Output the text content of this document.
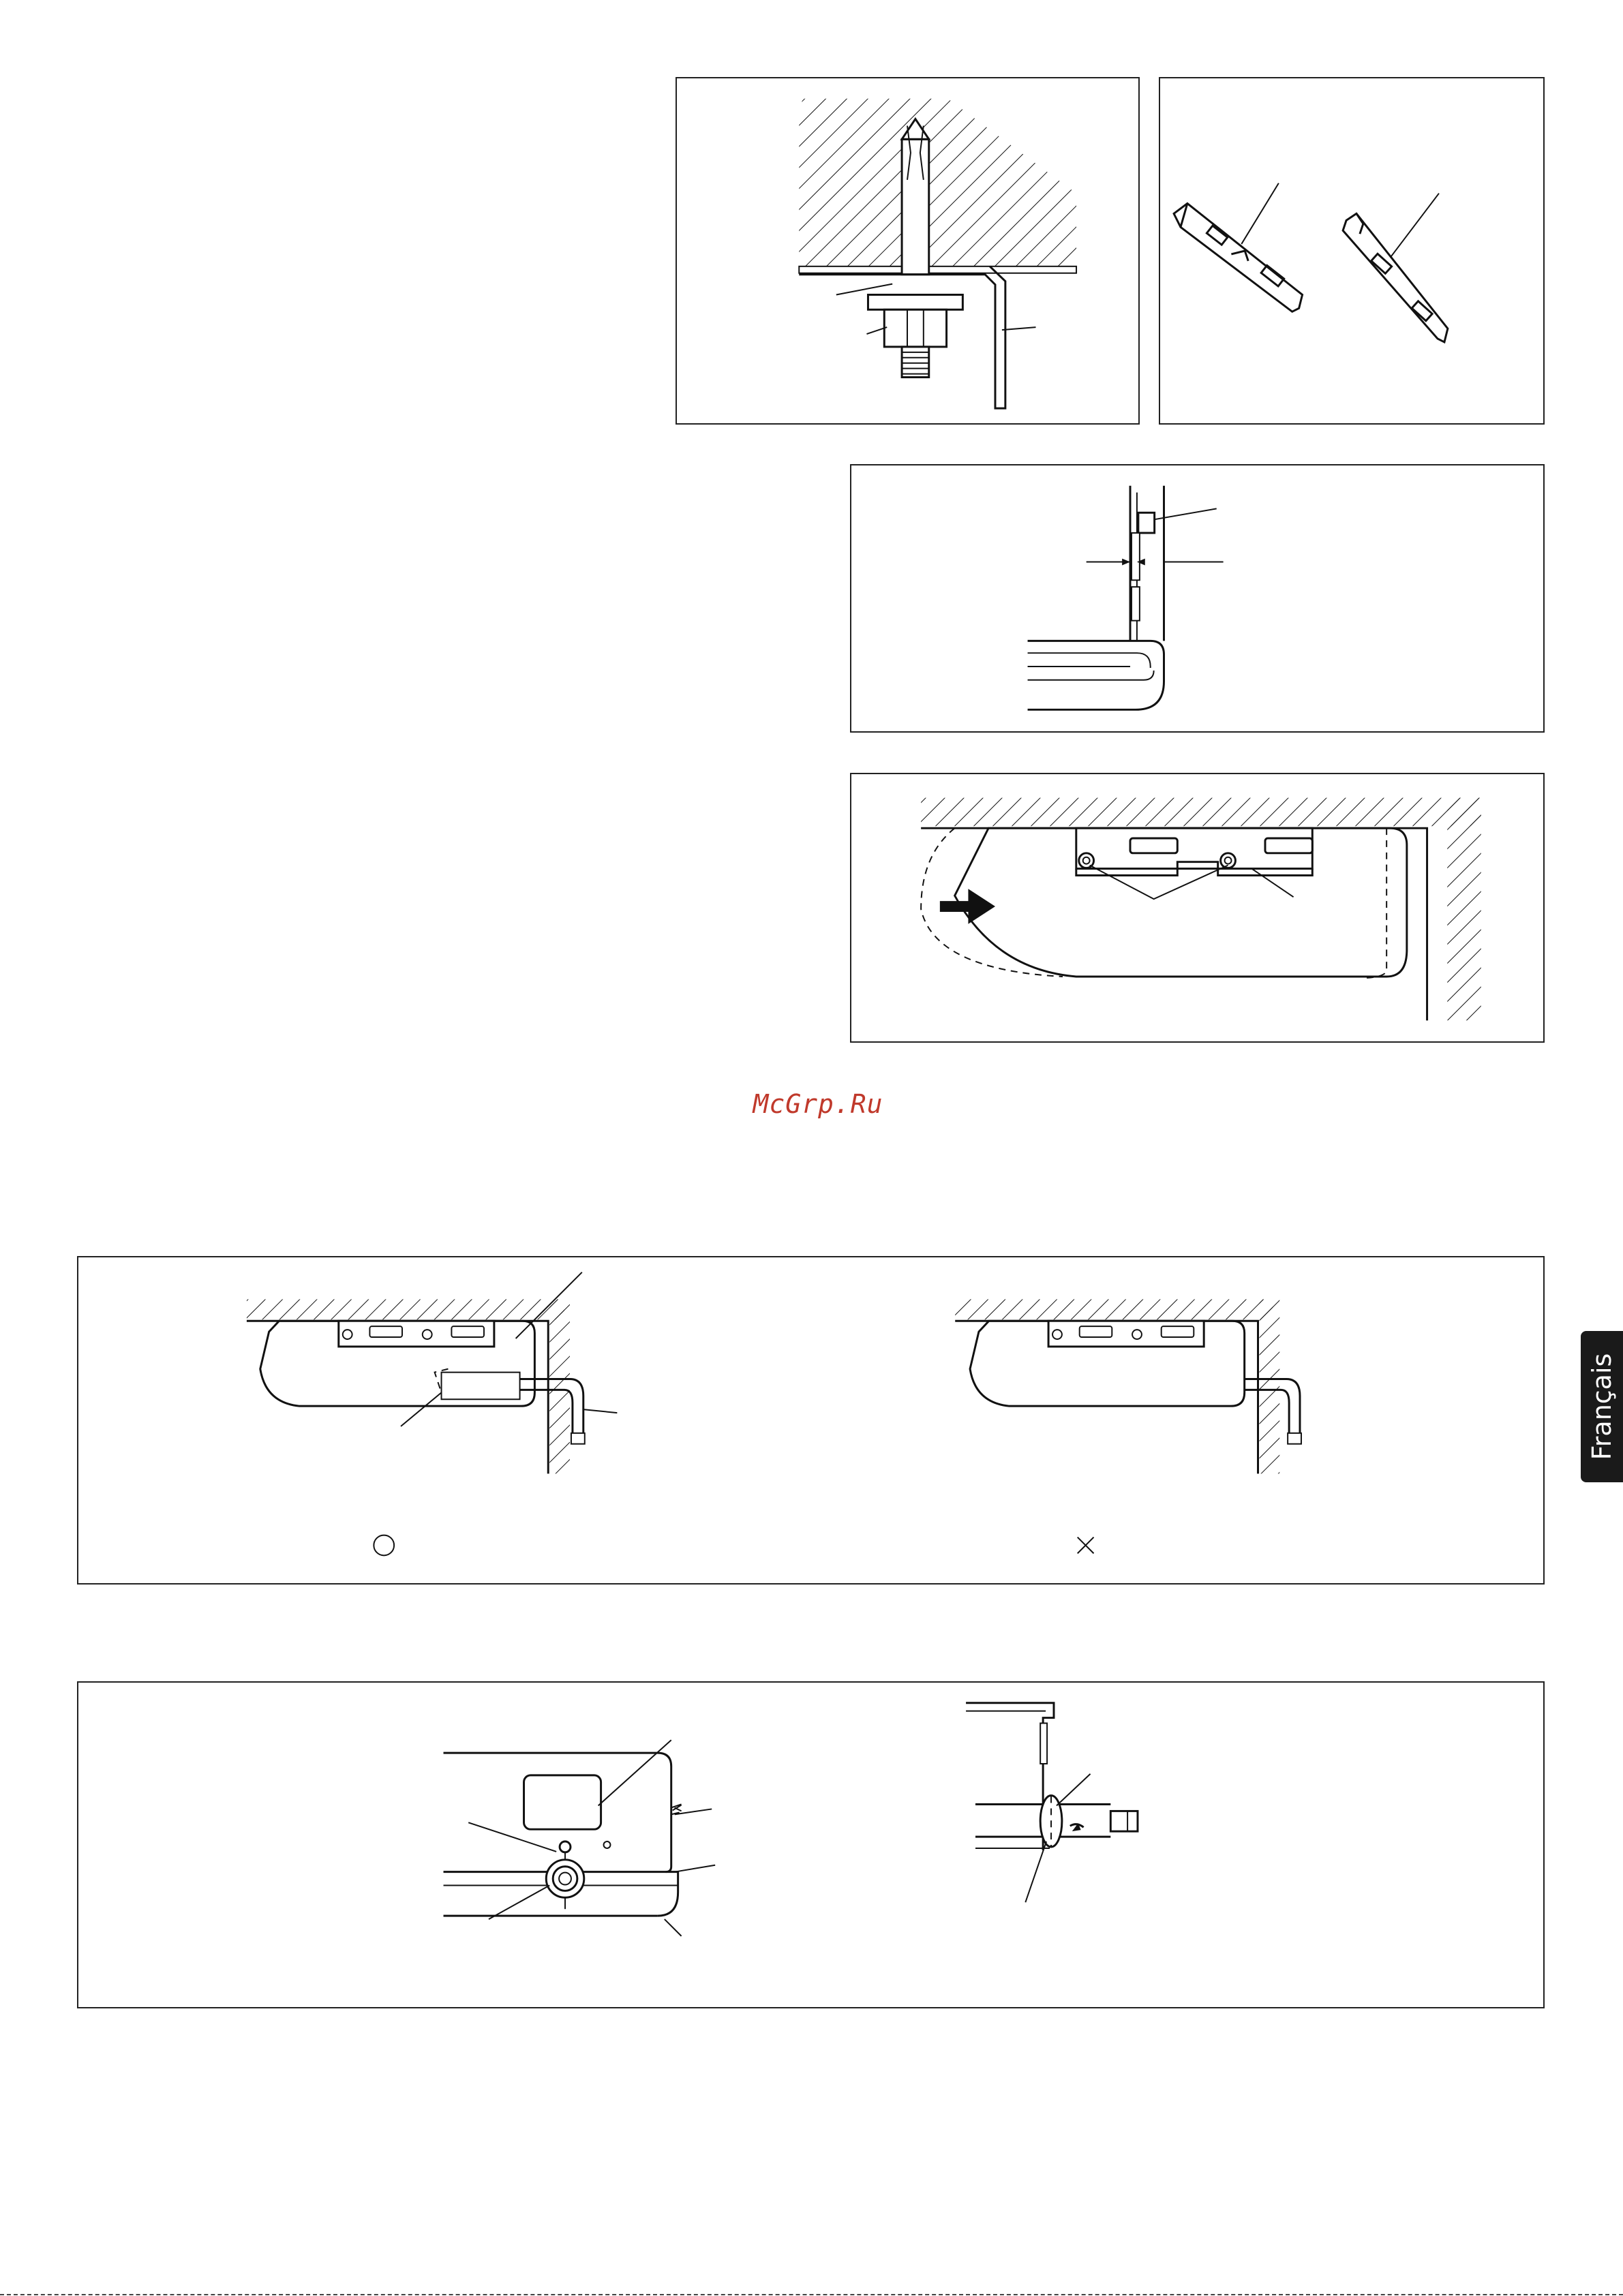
McGrp.Ru
Français
